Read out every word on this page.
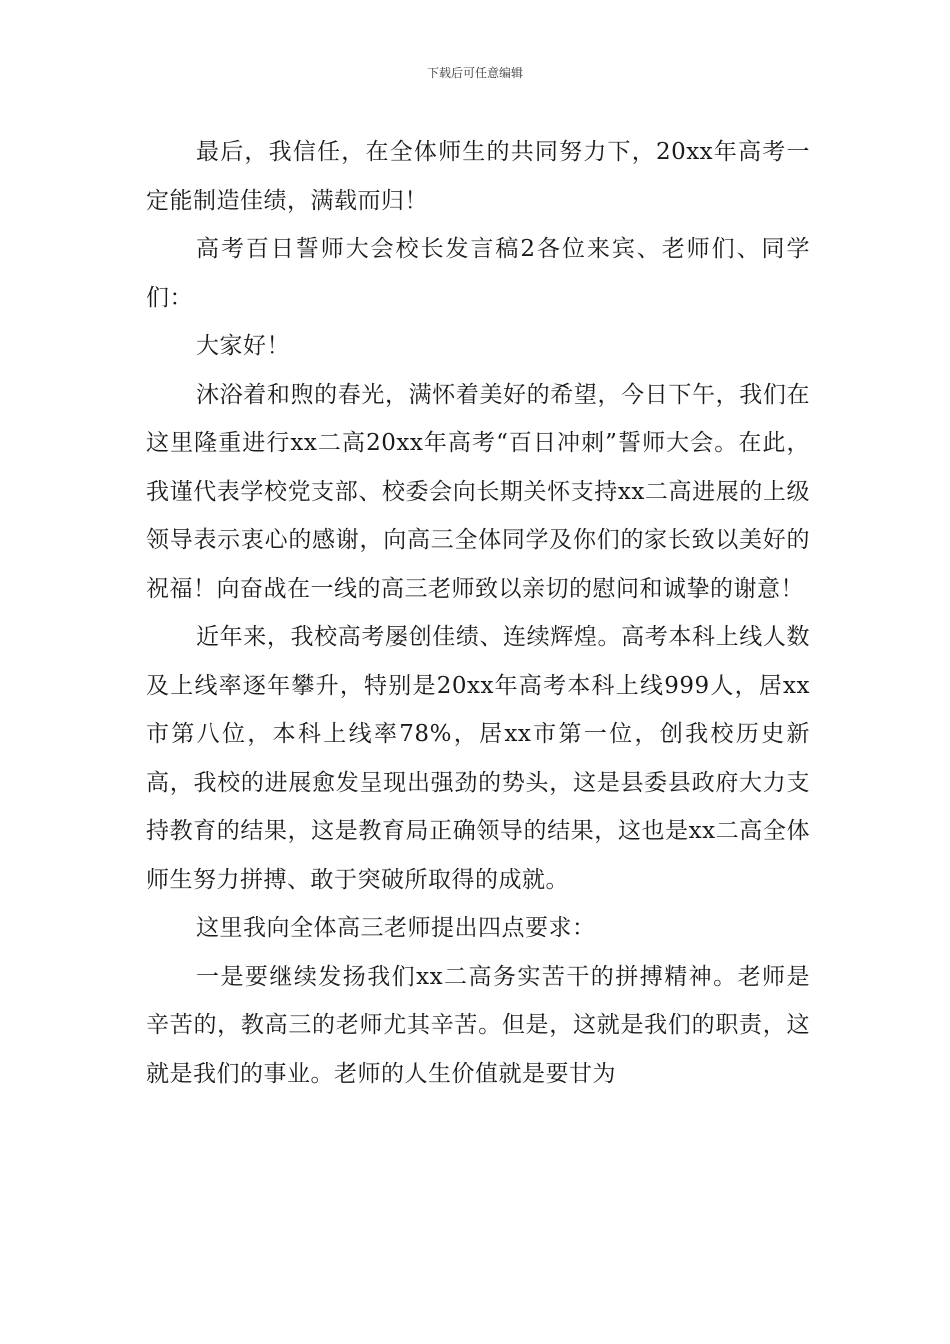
下载后可任意编辑

最后，我信任，在全体师生的共同努力下，20xx年高考一定能制造佳绩，满载而归！

高考百日誓师大会校长发言稿2各位来宾、老师们、同学们：

大家好！

沐浴着和煦的春光，满怀着美好的希望，今日下午，我们在这里隆重进行xx二高20xx年高考“百日冲刺”誓师大会。在此，我谨代表学校党支部、校委会向长期关怀支持xx二高进展的上级领导表示衷心的感谢，向高三全体同学及你们的家长致以美好的祝福！向奋战在一线的高三老师致以亲切的慰问和诚挚的谢意！

近年来，我校高考屡创佳绩、连续辉煌。高考本科上线人数及上线率逐年攀升，特别是20xx年高考本科上线999人，居xx市第八位，本科上线率78%，居xx市第一位，创我校历史新高，我校的进展愈发呈现出强劲的势头，这是县委县政府大力支持教育的结果，这是教育局正确领导的结果，这也是xx二高全体师生努力拼搏、敢于突破所取得的成就。

这里我向全体高三老师提出四点要求：

一是要继续发扬我们xx二高务实苦干的拼搏精神。老师是辛苦的，教高三的老师尤其辛苦。但是，这就是我们的职责，这就是我们的事业。老师的人生价值就是要甘为
